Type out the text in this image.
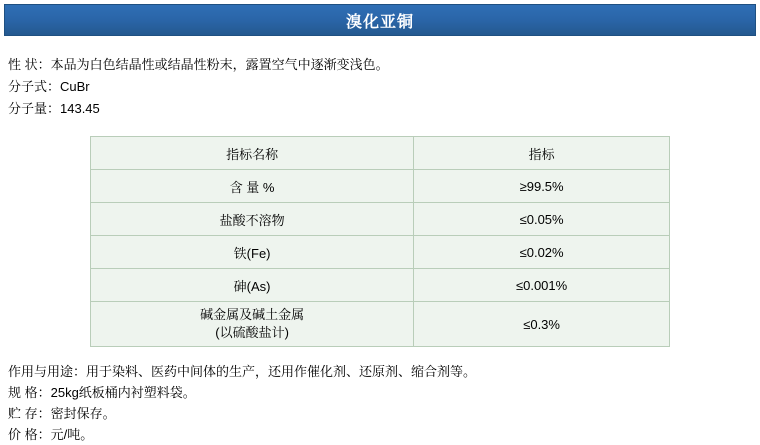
溴化亚铜
性 状：本品为白色结晶性或结晶性粉末，露置空气中逐渐变浅色。
分子式：CuBr
分子量：143.45
指标名称	指标
含 量 %	≥99.5%
盐酸不溶物	≤0.05%
铁(Fe)	≤0.02%
砷(As)	≤0.001%

碱金属及碱土金属
(以硫酸盐计)	≤0.3%
作用与用途：用于染料、医药中间体的生产，还用作催化剂、还原剂、缩合剂等。
规 格：25kg纸板桶内衬塑料袋。
贮 存：密封保存。
价 格：元/吨。
